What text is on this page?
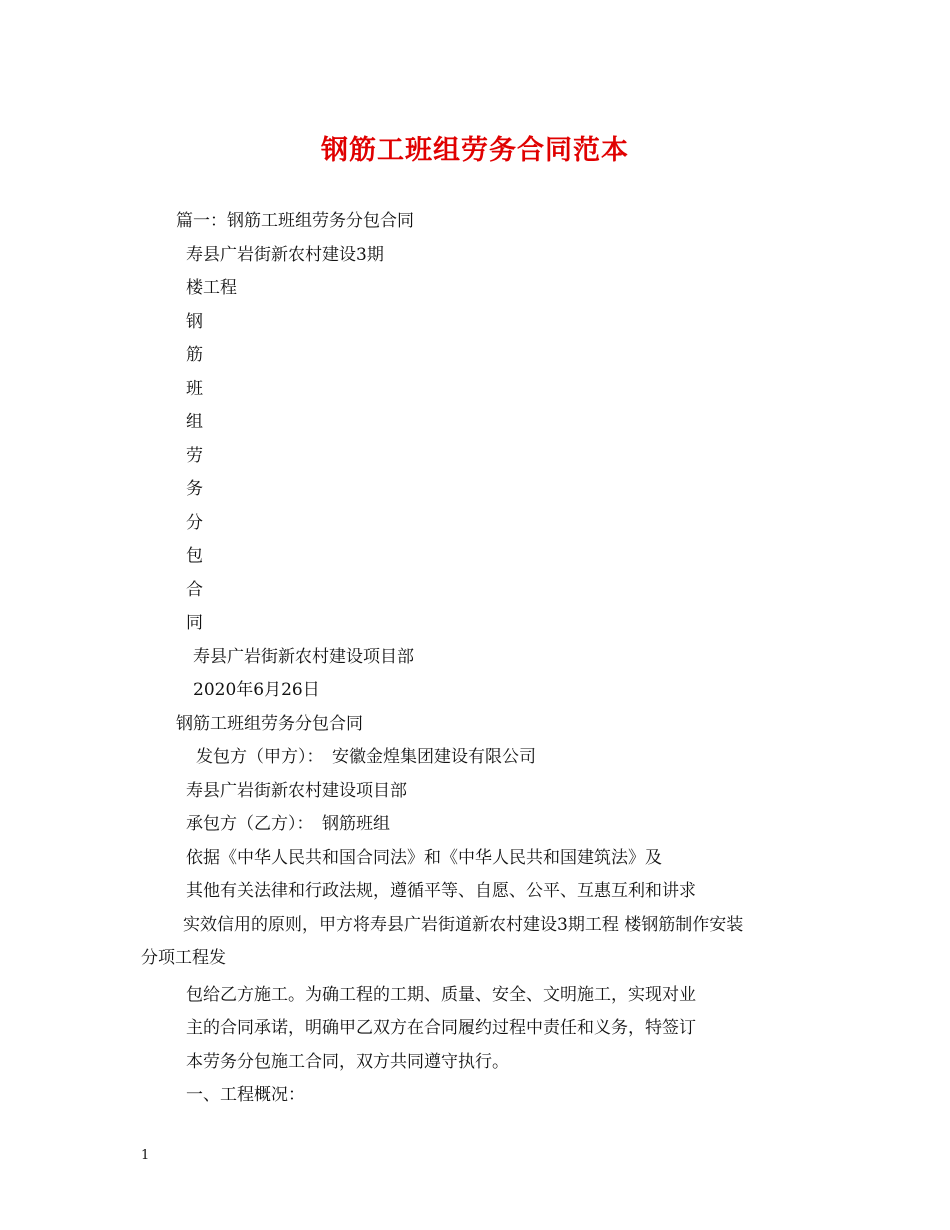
钢筋工班组劳务合同范本

篇一：钢筋工班组劳务分包合同

寿县广岩街新农村建设3期

楼工程

钢

筋

班

组

劳

务

分

包

合

同

寿县广岩街新农村建设项目部

2020年6月26日

钢筋工班组劳务分包合同

发包方（甲方）：　安徽金煌集团建设有限公司

寿县广岩街新农村建设项目部

承包方（乙方）：　钢筋班组

依据《中华人民共和国合同法》和《中华人民共和国建筑法》及

其他有关法律和行政法规，遵循平等、自愿、公平、互惠互利和讲求

实效信用的原则，甲方将寿县广岩街道新农村建设3期工程 楼钢筋制作安装

分项工程发

包给乙方施工。为确工程的工期、质量、安全、文明施工，实现对业

主的合同承诺，明确甲乙双方在合同履约过程中责任和义务，特签订

本劳务分包施工合同，双方共同遵守执行。

一、工程概况：

1
